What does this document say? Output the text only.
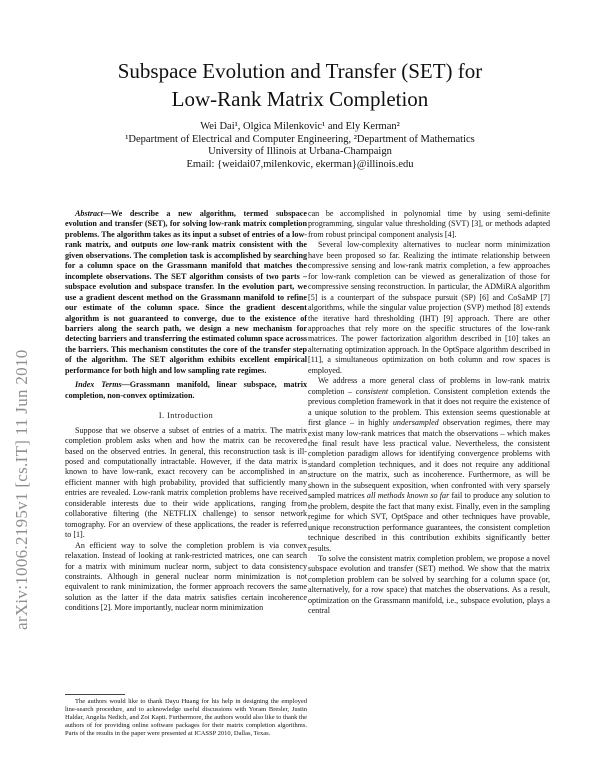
Subspace Evolution and Transfer (SET) for
Low-Rank Matrix Completion
Wei Dai¹, Olgica Milenkovic¹ and Ely Kerman²
¹Department of Electrical and Computer Engineering, ²Department of Mathematics
University of Illinois at Urbana-Champaign
Email: {weidai07,milenkovic, ekerman}@illinois.edu
arXiv:1006.2195v1 [cs.IT] 11 Jun 2010

Abstract—We describe a new algorithm, termed subspace evolution and transfer (SET), for solving low-rank matrix completion problems. The algorithm takes as its input a subset of entries of a low-rank matrix, and outputs one low-rank matrix consistent with the given observations. The completion task is accomplished by searching for a column space on the Grassmann manifold that matches the incomplete observations. The SET algorithm consists of two parts – subspace evolution and subspace transfer. In the evolution part, we use a gradient descent method on the Grassmann manifold to refine our estimate of the column space. Since the gradient descent algorithm is not guaranteed to converge, due to the existence of barriers along the search path, we design a new mechanism for detecting barriers and transferring the estimated column space across the barriers. This mechanism constitutes the core of the transfer step of the algorithm. The SET algorithm exhibits excellent empirical performance for both high and low sampling rate regimes.

Index Terms—Grassmann manifold, linear subspace, matrix completion, non-convex optimization.

I. Introduction

Suppose that we observe a subset of entries of a matrix. The matrix completion problem asks when and how the matrix can be recovered based on the observed entries. In general, this reconstruction task is ill-posed and computationally intractable. However, if the data matrix is known to have low-rank, exact recovery can be accomplished in an efficient manner with high probability, provided that sufficiently many entries are revealed. Low-rank matrix completion problems have received considerable interests due to their wide applications, ranging from collaborative filtering (the NETFLIX challenge) to sensor network tomography. For an overview of these applications, the reader is referred to [1].

An efficient way to solve the completion problem is via convex relaxation. Instead of looking at rank-restricted matrices, one can search for a matrix with minimum nuclear norm, subject to data consistency constraints. Although in general nuclear norm minimization is not equivalent to rank minimization, the former approach recovers the same solution as the latter if the data matrix satisfies certain incoherence conditions [2]. More importantly, nuclear norm minimization

The authors would like to thank Dayu Huang for his help in designing the employed line-search procedure, and to acknowledge useful discussions with Yoram Bresler, Justin Haldar, Angelia Nedich, and Zoi Kapti. Furthermore, the authors would also like to thank the authors of for providing online software packages for their matrix completion algorithms. Parts of the results in the paper were presented at ICASSP 2010, Dallas, Texas.

can be accomplished in polynomial time by using semi-definite programming, singular value thresholding (SVT) [3], or methods adapted from robust principal component analysis [4].

Several low-complexity alternatives to nuclear norm minimization have been proposed so far. Realizing the intimate relationship between compressive sensing and low-rank matrix completion, a few approaches for low-rank completion can be viewed as generalization of those for compressive sensing reconstruction. In particular, the ADMiRA algorithm [5] is a counterpart of the subspace pursuit (SP) [6] and CoSaMP [7] algorithms, while the singular value projection (SVP) method [8] extends the iterative hard thresholding (IHT) [9] approach. There are other approaches that rely more on the specific structures of the low-rank matrices. The power factorization algorithm described in [10] takes an alternating optimization approach. In the OptSpace algorithm described in [11], a simultaneous optimization on both column and row spaces is employed.

We address a more general class of problems in low-rank matrix completion – consistent completion. Consistent completion extends the previous completion framework in that it does not require the existence of a unique solution to the problem. This extension seems questionable at first glance – in highly undersampled observation regimes, there may exist many low-rank matrices that match the observations – which makes the final result have less practical value. Nevertheless, the consistent completion paradigm allows for identifying convergence problems with standard completion techniques, and it does not require any additional structure on the matrix, such as incoherence. Furthermore, as will be shown in the subsequent exposition, when confronted with very sparsely sampled matrices all methods known so far fail to produce any solution to the problem, despite the fact that many exist. Finally, even in the sampling regime for which SVT, OptSpace and other techniques have provable, unique reconstruction performance guarantees, the consistent completion technique described in this contribution exhibits significantly better results.

To solve the consistent matrix completion problem, we propose a novel subspace evolution and transfer (SET) method. We show that the matrix completion problem can be solved by searching for a column space (or, alternatively, for a row space) that matches the observations. As a result, optimization on the Grassmann manifold, i.e., subspace evolution, plays a central
